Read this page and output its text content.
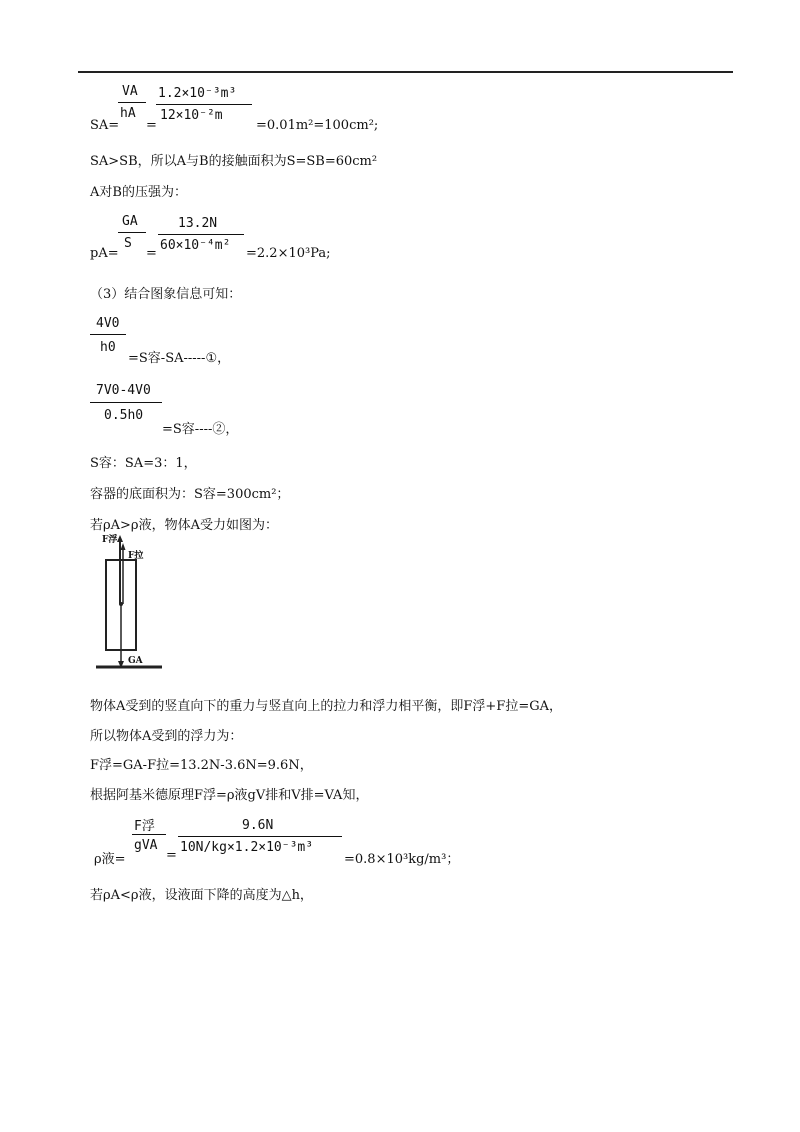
VA
hA
1.2×10⁻³m³
12×10⁻²m
SA= =	=0.01m²=100cm²;
SA>SB，所以A与B的接触面积为S=SB=60cm²
A对B的压强为：
GA
S
13.2N
60×10⁻⁴m²
pA= =	=2.2×10³Pa;
（3）结合图象信息可知：
4V0
h0
=S容-SA-----①，
7V0-4V0
0.5h0
=S容----②，
S容：SA=3：1，
容器的底面积为：S容=300cm²；
若ρA>ρ液，物体A受力如图为：
F浮
F拉
GA
物体A受到的竖直向下的重力与竖直向上的拉力和浮力相平衡，即F浮+F拉=GA，
所以物体A受到的浮力为：
F浮=GA-F拉=13.2N-3.6N=9.6N，
根据阿基米德原理F浮=ρ液gV排和V排=VA知，
F浮
gVA
9.6N
10N/kg×1.2×10⁻³m³
ρ液=	=	=0.8×10³kg/m³；
若ρA<ρ液，设液面下降的高度为△h，
